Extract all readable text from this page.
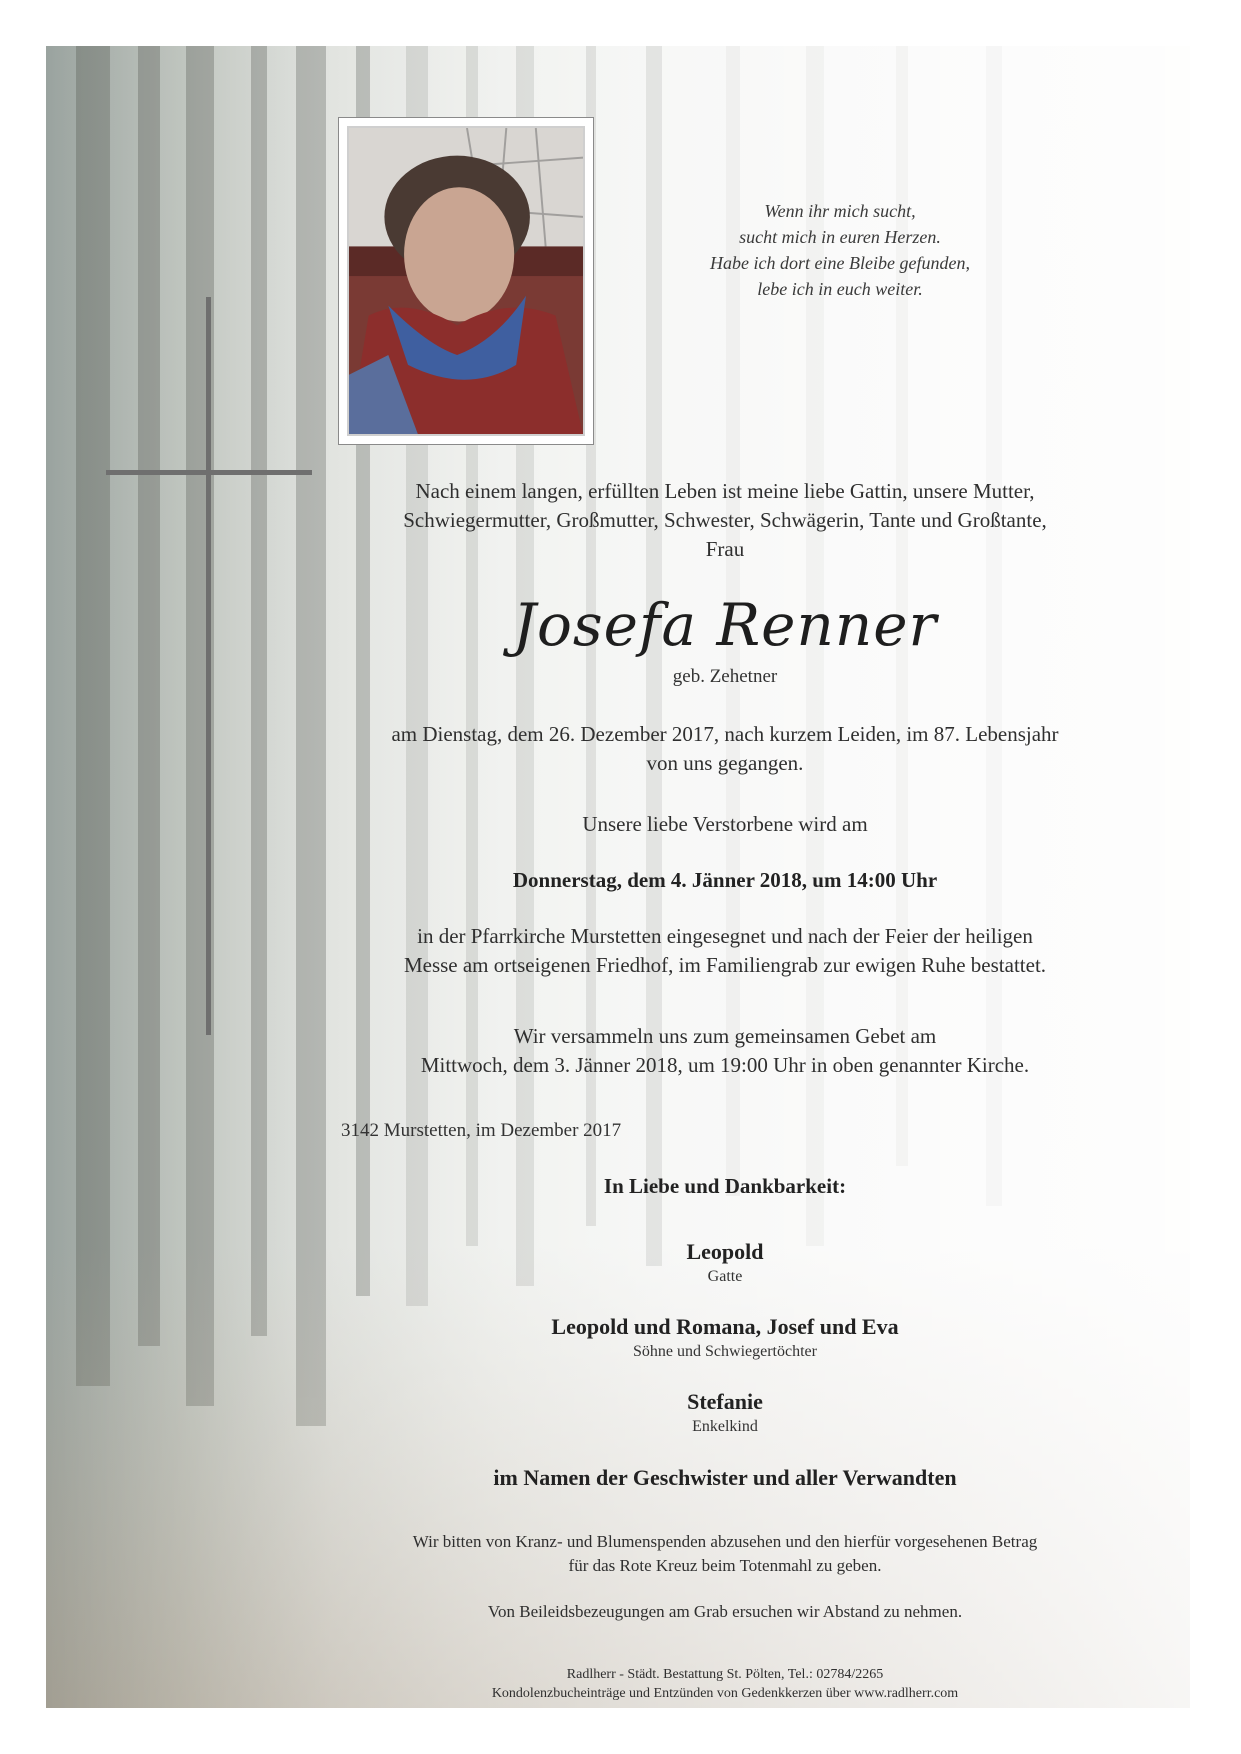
Wenn ihr mich sucht,
sucht mich in euren Herzen.
Habe ich dort eine Bleibe gefunden,
lebe ich in euch weiter.
Nach einem langen, erfüllten Leben ist meine liebe Gattin, unsere Mutter,
Schwiegermutter, Großmutter, Schwester, Schwägerin, Tante und Großtante,
Frau
Josefa Renner
geb. Zehetner
am Dienstag, dem 26. Dezember 2017, nach kurzem Leiden, im 87. Lebensjahr
von uns gegangen.
Unsere liebe Verstorbene wird am
Donnerstag, dem 4. Jänner 2018, um 14:00 Uhr
in der Pfarrkirche Murstetten eingesegnet und nach der Feier der heiligen
Messe am ortseigenen Friedhof, im Familiengrab zur ewigen Ruhe bestattet.
Wir versammeln uns zum gemeinsamen Gebet am
Mittwoch, dem 3. Jänner 2018, um 19:00 Uhr in oben genannter Kirche.
3142 Murstetten, im Dezember 2017
In Liebe und Dankbarkeit:
Leopold
Gatte
Leopold und Romana, Josef und Eva
Söhne und Schwiegertöchter
Stefanie
Enkelkind
im Namen der Geschwister und aller Verwandten
Wir bitten von Kranz- und Blumenspenden abzusehen und den hierfür vorgesehenen Betrag
für das Rote Kreuz beim Totenmahl zu geben.
Von Beileidsbezeugungen am Grab ersuchen wir Abstand zu nehmen.
Radlherr - Städt. Bestattung St. Pölten, Tel.: 02784/2265
Kondolenzbucheinträge und Entzünden von Gedenkkerzen über www.radlherr.com
